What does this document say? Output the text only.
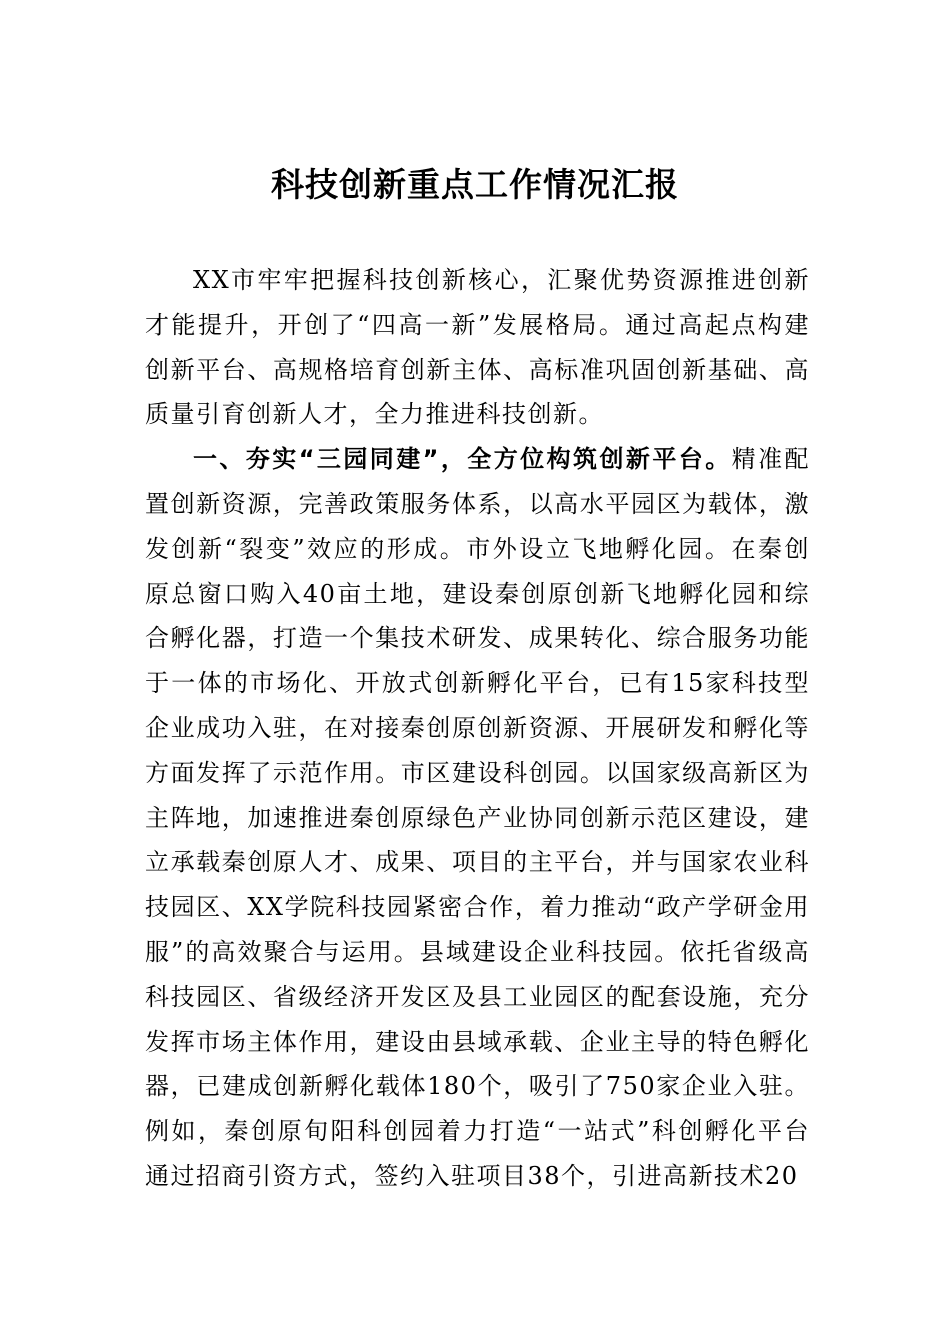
科技创新重点工作情况汇报

XX市牢牢把握科技创新核心，汇聚优势资源推进创新才能提升，开创了“四高一新”发展格局。通过高起点构建创新平台、高规格培育创新主体、高标准巩固创新基础、高质量引育创新人才，全力推进科技创新。

一、夯实“三园同建”，全方位构筑创新平台。精准配置创新资源，完善政策服务体系，以高水平园区为载体，激发创新“裂变”效应的形成。市外设立飞地孵化园。在秦创原总窗口购入40亩土地，建设秦创原创新飞地孵化园和综合孵化器，打造一个集技术研发、成果转化、综合服务功能于一体的市场化、开放式创新孵化平台，已有15家科技型企业成功入驻，在对接秦创原创新资源、开展研发和孵化等方面发挥了示范作用。市区建设科创园。以国家级高新区为主阵地，加速推进秦创原绿色产业协同创新示范区建设，建立承载秦创原人才、成果、项目的主平台，并与国家农业科技园区、XX学院科技园紧密合作，着力推动“政产学研金用服”的高效聚合与运用。县域建设企业科技园。依托省级高科技园区、省级经济开发区及县工业园区的配套设施，充分发挥市场主体作用，建设由县域承载、企业主导的特色孵化器，已建成创新孵化载体180个，吸引了750家企业入驻。例如，秦创原旬阳科创园着力打造“一站式”科创孵化平台通过招商引资方式，签约入驻项目38个，引进高新技术20
